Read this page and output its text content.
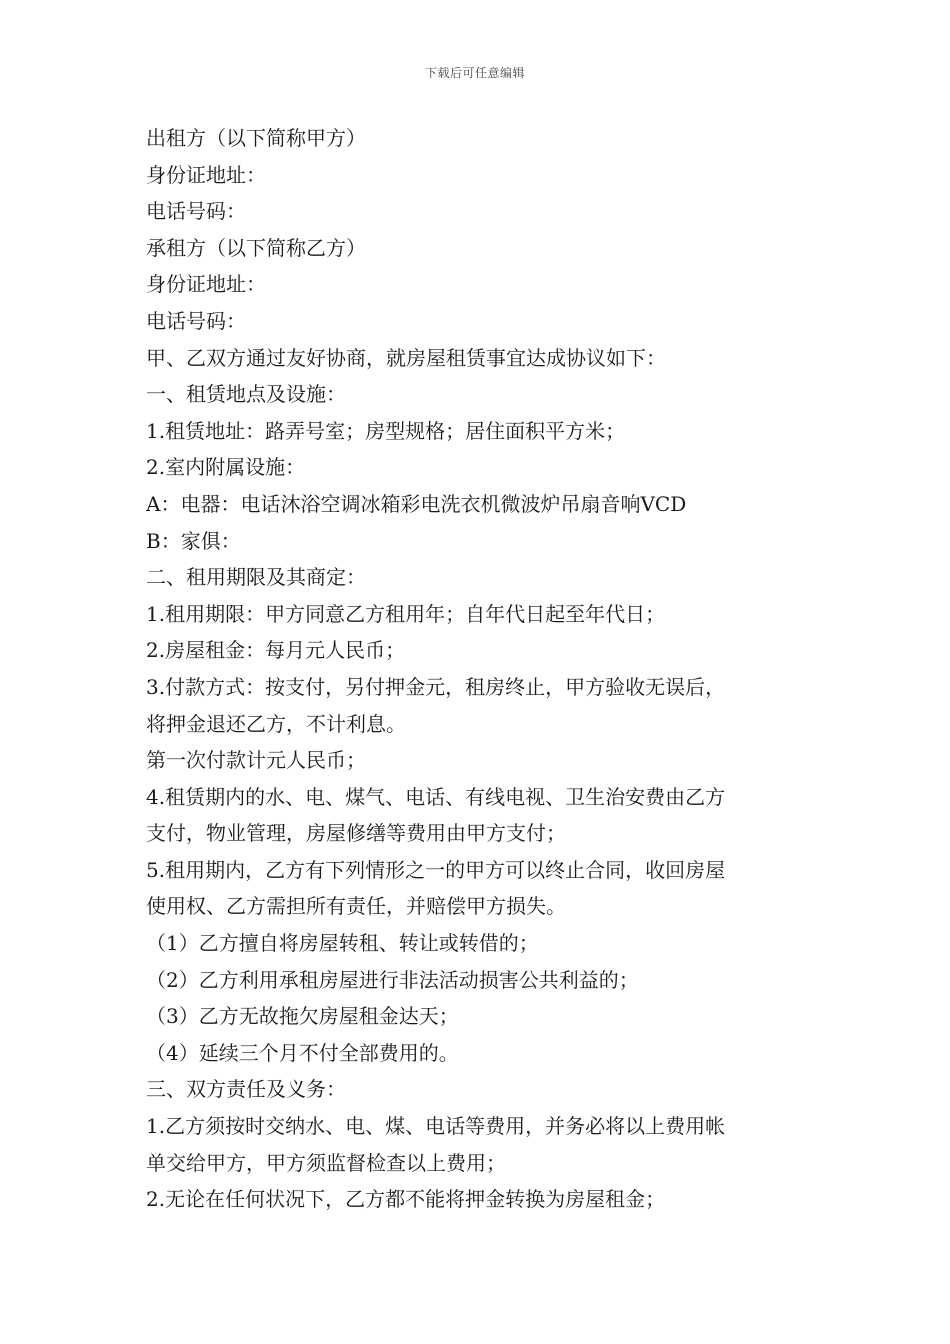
下载后可任意编辑
出租方（以下简称甲方）
身份证地址：
电话号码：
承租方（以下简称乙方）
身份证地址：
电话号码：
甲、乙双方通过友好协商，就房屋租赁事宜达成协议如下：
一、租赁地点及设施：
1.租赁地址：路弄号室；房型规格；居住面积平方米；
2.室内附属设施：
A：电器：电话沐浴空调冰箱彩电洗衣机微波炉吊扇音响VCD
B：家俱：
二、租用期限及其商定：
1.租用期限：甲方同意乙方租用年；自年代日起至年代日；
2.房屋租金：每月元人民币；
3.付款方式：按支付，另付押金元，租房终止，甲方验收无误后，
将押金退还乙方，不计利息。
第一次付款计元人民币；
4.租赁期内的水、电、煤气、电话、有线电视、卫生治安费由乙方
支付，物业管理，房屋修缮等费用由甲方支付；
5.租用期内，乙方有下列情形之一的甲方可以终止合同，收回房屋
使用权、乙方需担所有责任，并赔偿甲方损失。
（1）乙方擅自将房屋转租、转让或转借的；
（2）乙方利用承租房屋进行非法活动损害公共利益的；
（3）乙方无故拖欠房屋租金达天；
（4）延续三个月不付全部费用的。
三、双方责任及义务：
1.乙方须按时交纳水、电、煤、电话等费用，并务必将以上费用帐
单交给甲方，甲方须监督检查以上费用；
2.无论在任何状况下，乙方都不能将押金转换为房屋租金；
